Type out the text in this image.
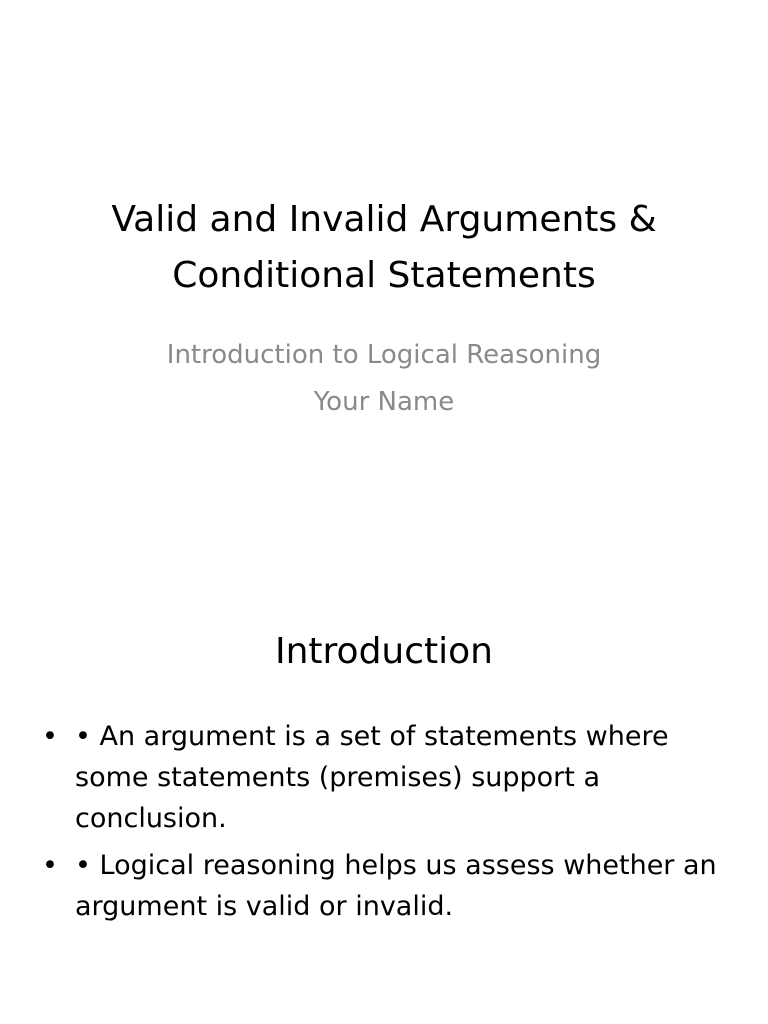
Valid and Invalid Arguments &
Conditional Statements
Introduction to Logical Reasoning
Your Name
Introduction
• • An argument is a set of statements where some statements (premises) support a conclusion.
• • Logical reasoning helps us assess whether an argument is valid or invalid.
